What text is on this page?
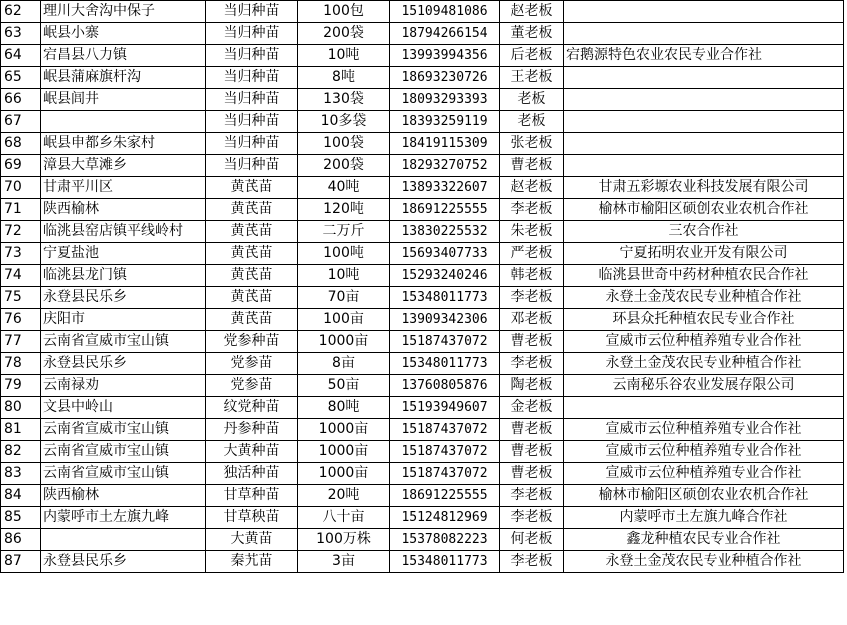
62	理川大舍沟中保子	当归种苗	100包	15109481086	赵老板	
63	岷县小寨	当归种苗	200袋	18794266154	董老板	
64	宕昌县八力镇	当归种苗	10吨	13993994356	后老板	宕鹅源特色农业农民专业合作社
65	岷县蒲麻旗杆沟	当归种苗	8吨	18693230726	王老板	
66	岷县闾井	当归种苗	130袋	18093293393	老板	
67		当归种苗	10多袋	18393259119	老板	
68	岷县申都乡朱家村	当归种苗	100袋	18419115309	张老板	
69	漳县大草滩乡	当归种苗	200袋	18293270752	曹老板	
70	甘肃平川区	黄芪苗	40吨	13893322607	赵老板	甘肃五彩塬农业科技发展有限公司
71	陕西榆林	黄芪苗	120吨	18691225555	李老板	榆林市榆阳区硕创农业农机合作社
72	临洮县窑店镇平线岭村	黄芪苗	二万斤	13830225532	朱老板	三农合作社
73	宁夏盐池	黄芪苗	100吨	15693407733	严老板	宁夏拓明农业开发有限公司
74	临洮县龙门镇	黄芪苗	10吨	15293240246	韩老板	临洮县世奇中药材种植农民合作社
75	永登县民乐乡	黄芪苗	70亩	15348011773	李老板	永登土金茂农民专业种植合作社
76	庆阳市	黄芪苗	100亩	13909342306	邓老板	环县众托种植农民专业合作社
77	云南省宣威市宝山镇	党参种苗	1000亩	15187437072	曹老板	宣威市云位种植养殖专业合作社
78	永登县民乐乡	党参苗	8亩	15348011773	李老板	永登土金茂农民专业种植合作社
79	云南禄劝	党参苗	50亩	13760805876	陶老板	云南秘乐谷农业发展存限公司
80	文县中岭山	纹党种苗	80吨	15193949607	金老板	
81	云南省宣威市宝山镇	丹参种苗	1000亩	15187437072	曹老板	宣威市云位种植养殖专业合作社
82	云南省宣威市宝山镇	大黄种苗	1000亩	15187437072	曹老板	宣威市云位种植养殖专业合作社
83	云南省宣威市宝山镇	独活种苗	1000亩	15187437072	曹老板	宣威市云位种植养殖专业合作社
84	陕西榆林	甘草种苗	20吨	18691225555	李老板	榆林市榆阳区硕创农业农机合作社
85	内蒙呼市土左旗九峰	甘草秧苗	八十亩	15124812969	李老板	内蒙呼市土左旗九峰合作社
86		大黄苗	100万株	15378082223	何老板	鑫龙种植农民专业合作社
87	永登县民乐乡	秦艽苗	3亩	15348011773	李老板	永登土金茂农民专业种植合作社
